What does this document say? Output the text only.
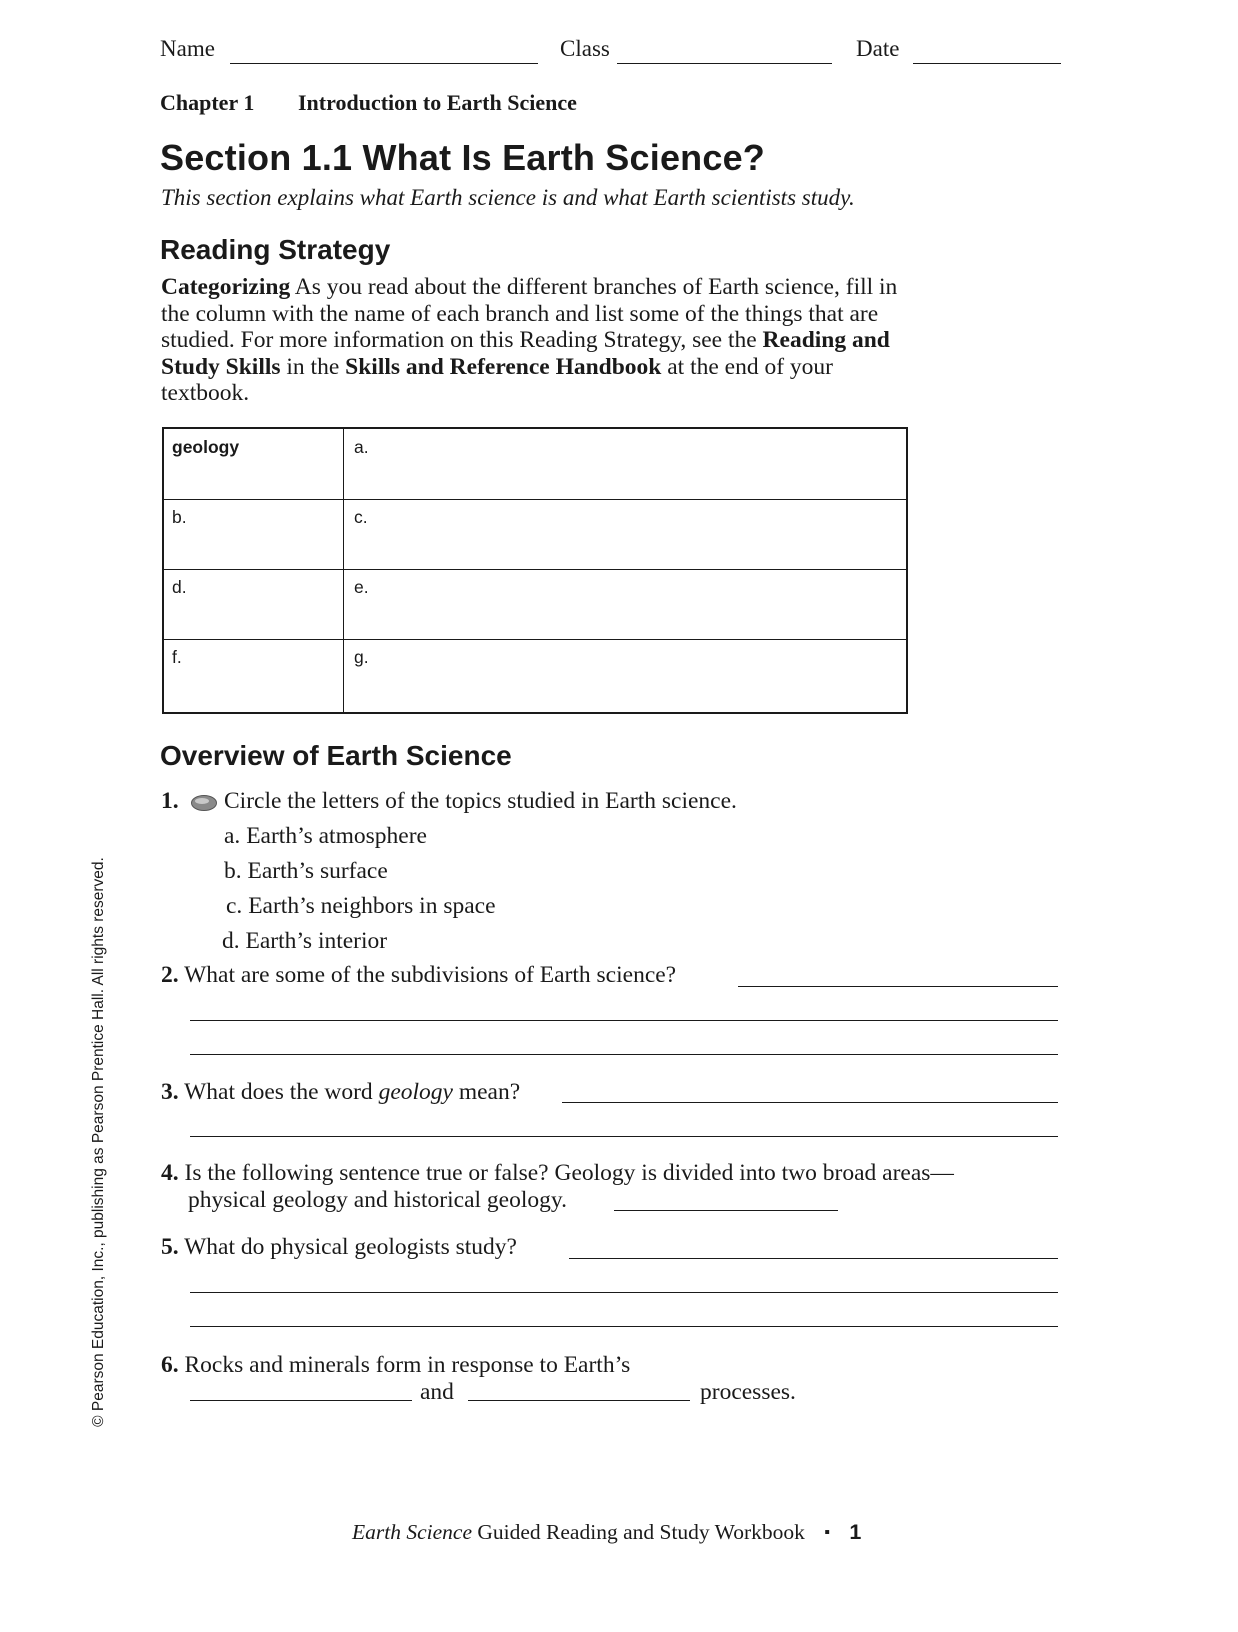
Name	Class	Date
Chapter 1 Introduction to Earth Science
Section 1.1 What Is Earth Science?
This section explains what Earth science is and what Earth scientists study.
Reading Strategy

Categorizing As you read about the different branches of Earth science, fill in the column with the name of each branch and list some of the things that are studied. For more information on this Reading Strategy, see the Reading and Study Skills in the Skills and Reference Handbook at the end of your textbook.

geology	a.
b.	c.
d.	e.
f.	g.
Overview of Earth Science
1. Circle the letters of the topics studied in Earth science.
a. Earth’s atmosphere
b. Earth’s surface
c. Earth’s neighbors in space
d. Earth’s interior
2. What are some of the subdivisions of Earth science?
3. What does the word geology mean?
4. Is the following sentence true or false? Geology is divided into two broad areas—
physical geology and historical geology.
5. What do physical geologists study?
6. Rocks and minerals form in response to Earth’s
and	processes.
Earth Science Guided Reading and Study Workbook ▪ 1
© Pearson Education, Inc., publishing as Pearson Prentice Hall. All rights reserved.
